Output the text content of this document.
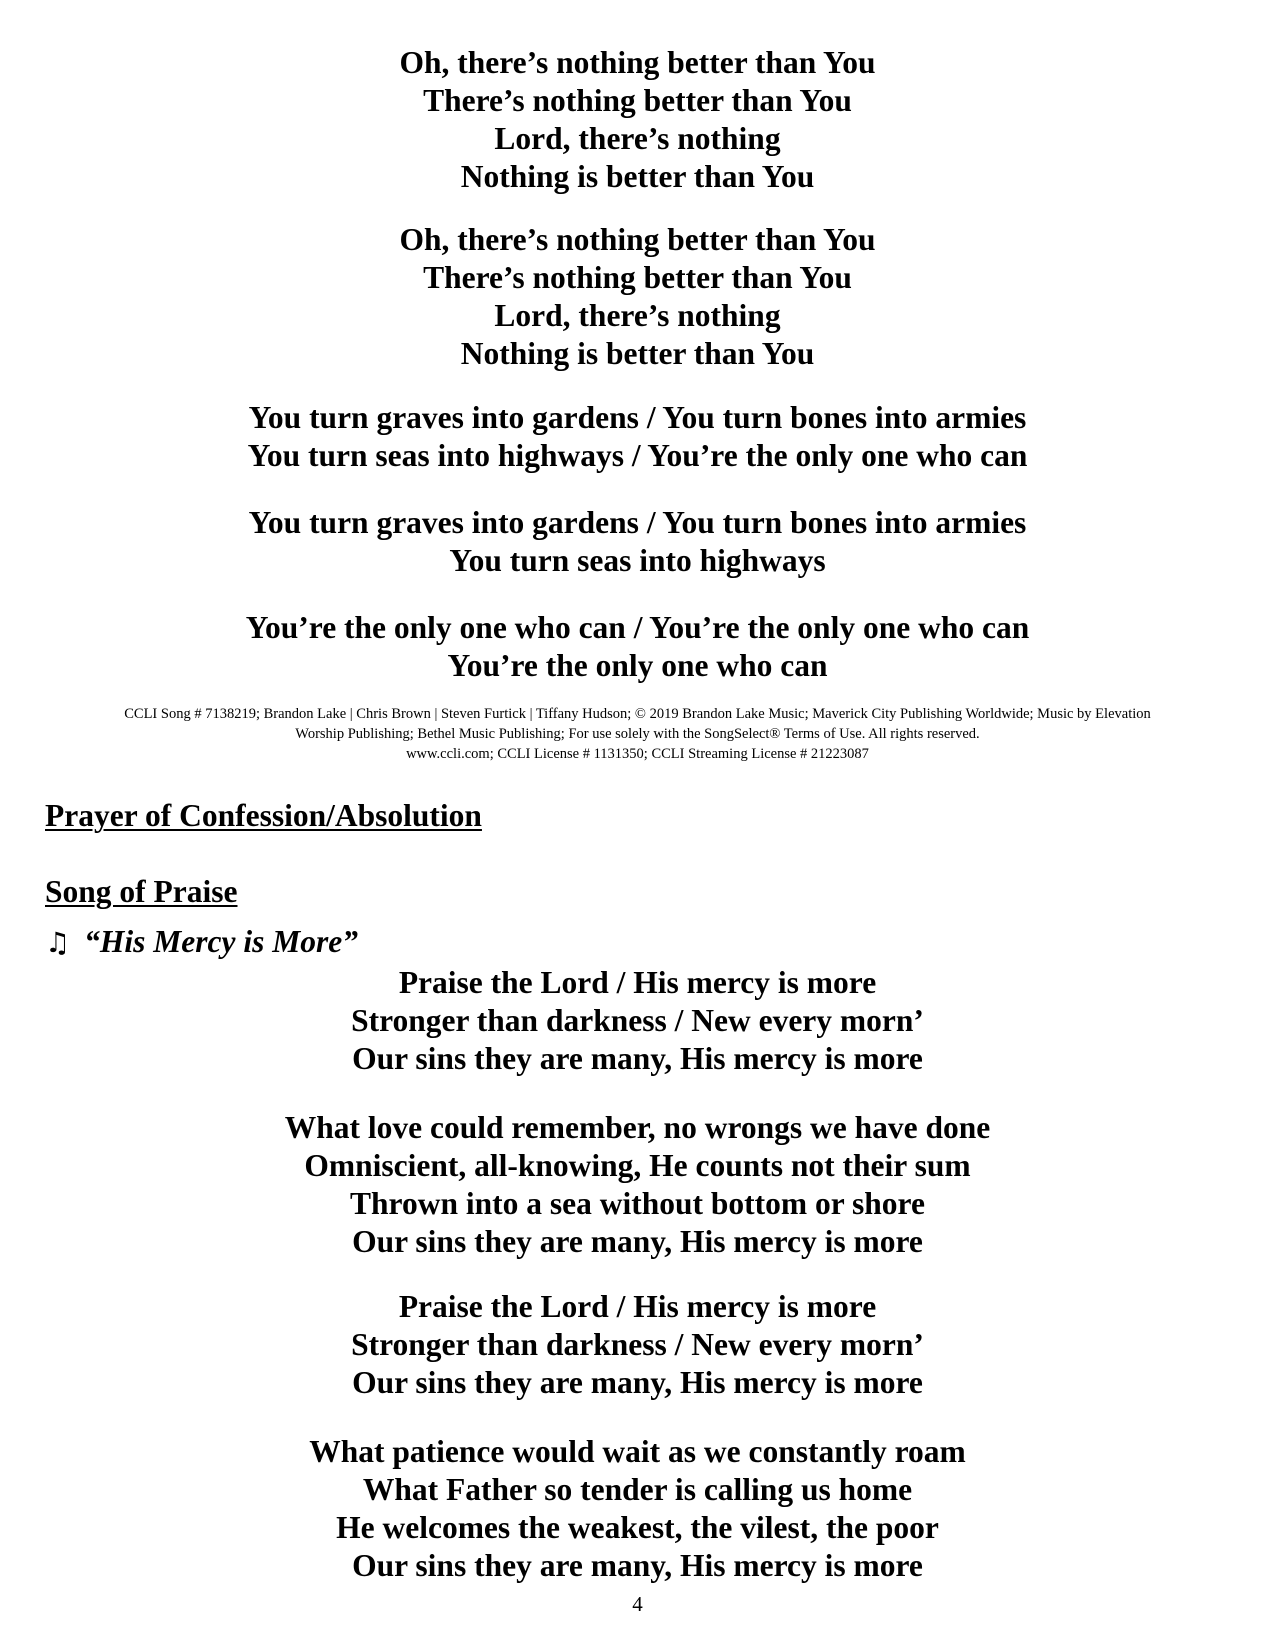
Oh, there’s nothing better than You
There’s nothing better than You
Lord, there’s nothing
Nothing is better than You
Oh, there’s nothing better than You
There’s nothing better than You
Lord, there’s nothing
Nothing is better than You
You turn graves into gardens / You turn bones into armies
You turn seas into highways / You’re the only one who can
You turn graves into gardens / You turn bones into armies
You turn seas into highways
You’re the only one who can / You’re the only one who can
You’re the only one who can
CCLI Song # 7138219; Brandon Lake | Chris Brown | Steven Furtick | Tiffany Hudson; © 2019 Brandon Lake Music; Maverick City Publishing Worldwide; Music by Elevation
Worship Publishing; Bethel Music Publishing; For use solely with the SongSelect® Terms of Use. All rights reserved.
www.ccli.com; CCLI License # 1131350; CCLI Streaming License # 21223087
Prayer of Confession/Absolution
Song of Praise
♫ “His Mercy is More”
Praise the Lord / His mercy is more
Stronger than darkness / New every morn’
Our sins they are many, His mercy is more
What love could remember, no wrongs we have done
Omniscient, all-knowing, He counts not their sum
Thrown into a sea without bottom or shore
Our sins they are many, His mercy is more
Praise the Lord / His mercy is more
Stronger than darkness / New every morn’
Our sins they are many, His mercy is more
What patience would wait as we constantly roam
What Father so tender is calling us home
He welcomes the weakest, the vilest, the poor
Our sins they are many, His mercy is more
4
